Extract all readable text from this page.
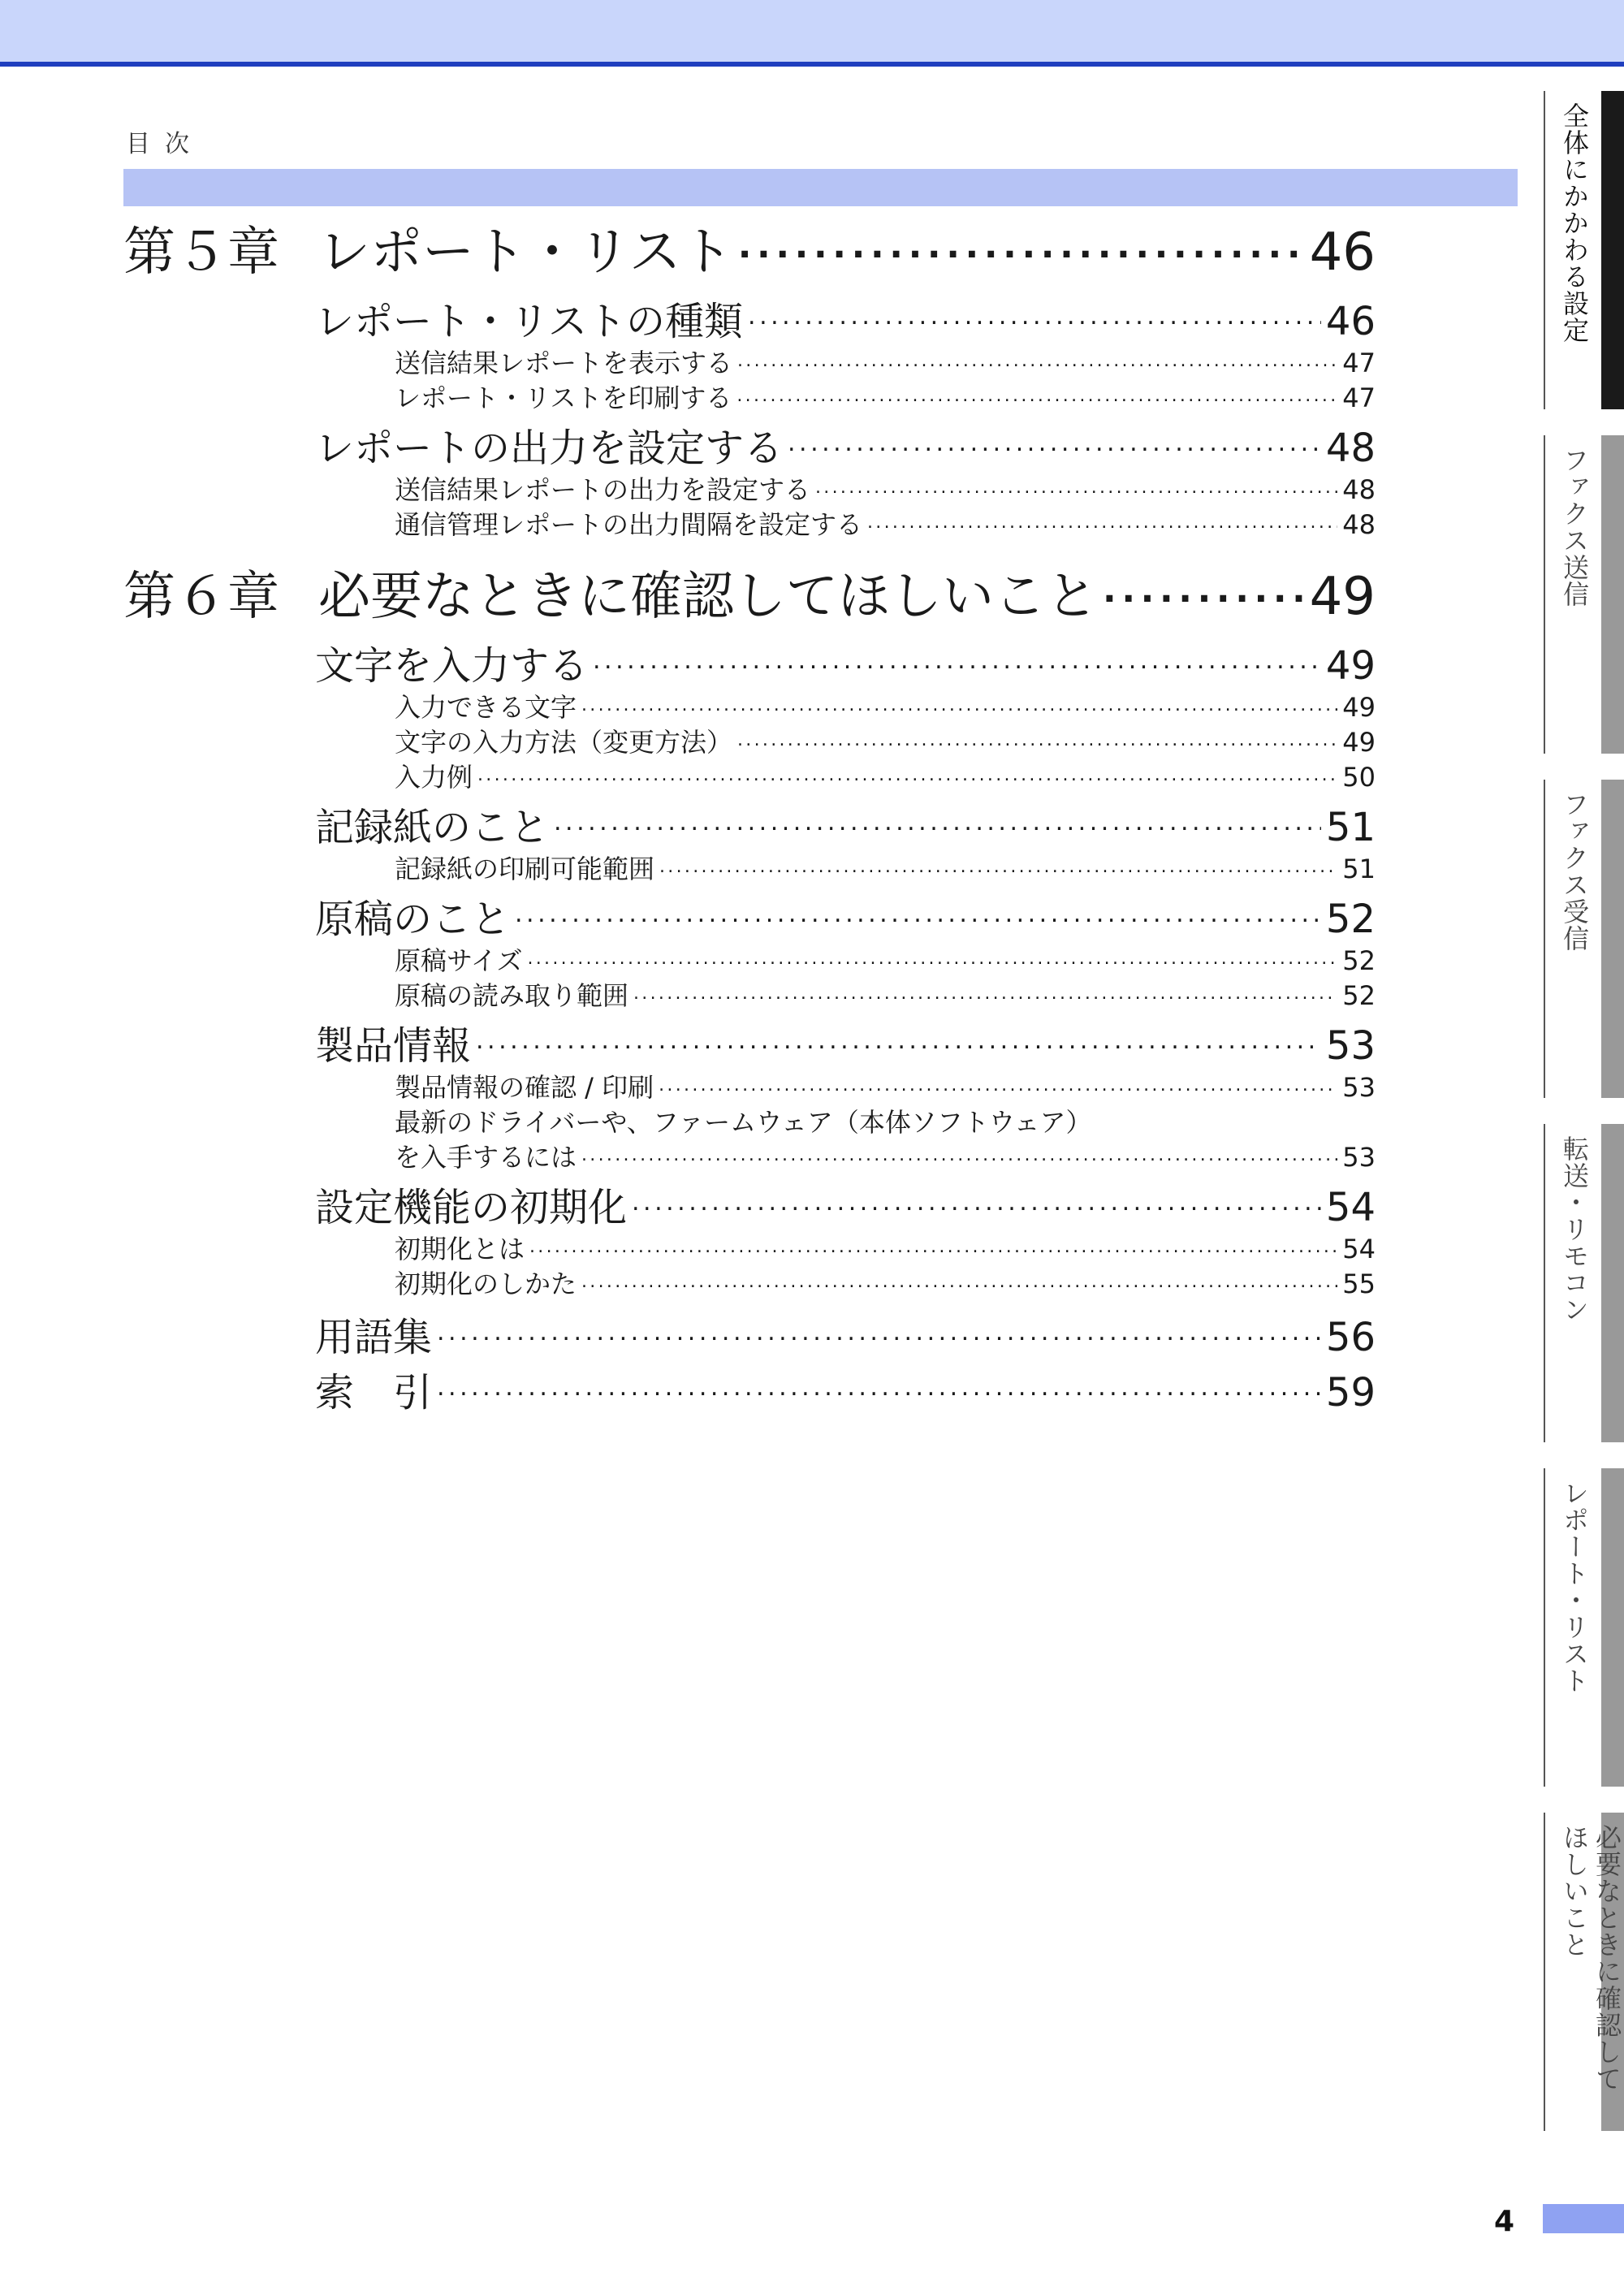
目次
第５章 レポート・リスト .....	46
レポート・リストの種類 .....	46
送信結果レポートを表示する .....	47
レポート・リストを印刷する .....	47
レポートの出力を設定する .....	48
送信結果レポートの出力を設定する .....	48
通信管理レポートの出力間隔を設定する .....	48
第６章 必要なときに確認してほしいこと .....	49
文字を入力する .....	49
入力できる文字 .....	49
文字の入力方法（変更方法） .....	49
入力例 .....	50
記録紙のこと .....	51
記録紙の印刷可能範囲 .....	51
原稿のこと .....	52
原稿サイズ .....	52
原稿の読み取り範囲 .....	52
製品情報 .....	53
製品情報の確認 / 印刷 .....	53
最新のドライバーや、ファームウェア（本体ソフトウェア）
を入手するには .....	53
設定機能の初期化 .....	54
初期化とは .....	54
初期化のしかた .....	55
用語集 .....	56
索　引 .....	59
全体にかかわる設定
ファクス送信
ファクス受信
転送・リモコン
レポート・リスト
必要なときに確認してほしいこと
4
